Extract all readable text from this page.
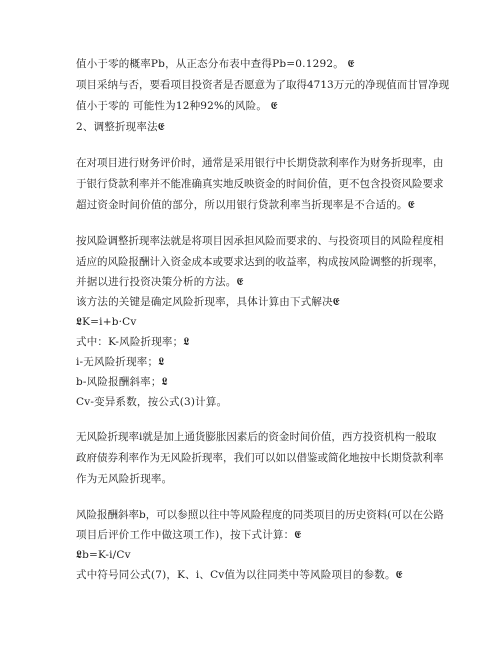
值小于零的概率Pb，从正态分布表中查得Pb=0.1292。 𝕰
项目采纳与否，要看项目投资者是否愿意为了取得4713万元的净现值而甘冒净现
值小于零的 可能性为12种92%的风险。 𝕰
2、调整折现率法𝕰
在对项目进行财务评价时，通常是采用银行中长期贷款利率作为财务折现率，由
于银行贷款利率并不能准确真实地反映资金的时间价值，更不包含投资风险要求
超过资金时间价值的部分，所以用银行贷款利率当折现率是不合适的。𝕰
按风险调整折现率法就是将项目因承担风险而要求的、与投资项目的风险程度相
适应的风险报酬计入资金成本或要求达到的收益率，构成按风险调整的折现率，
并据以进行投资决策分析的方法。𝕰
该方法的关键是确定风险折现率，具体计算由下式解决𝕰
𝕷K=i+b·Cv
式中：K-风险折现率；𝕷
i-无风险折现率；𝕷
b-风险报酬斜率；𝕷
Cv-变异系数，按公式(3)计算。
无风险折现率i就是加上通货膨胀因素后的资金时间价值，西方投资机构一般取
政府债券利率作为无风险折现率，我们可以如以借鉴或简化地按中长期贷款利率
作为无风险折现率。
风险报酬斜率b，可以参照以往中等风险程度的同类项目的历史资料(可以在公路
项目后评价工作中做这项工作)，按下式计算：𝕰
𝕷b=K-i/Cv
式中符号同公式(7)，K、i、Cv值为以往同类中等风险项目的参数。𝕰
